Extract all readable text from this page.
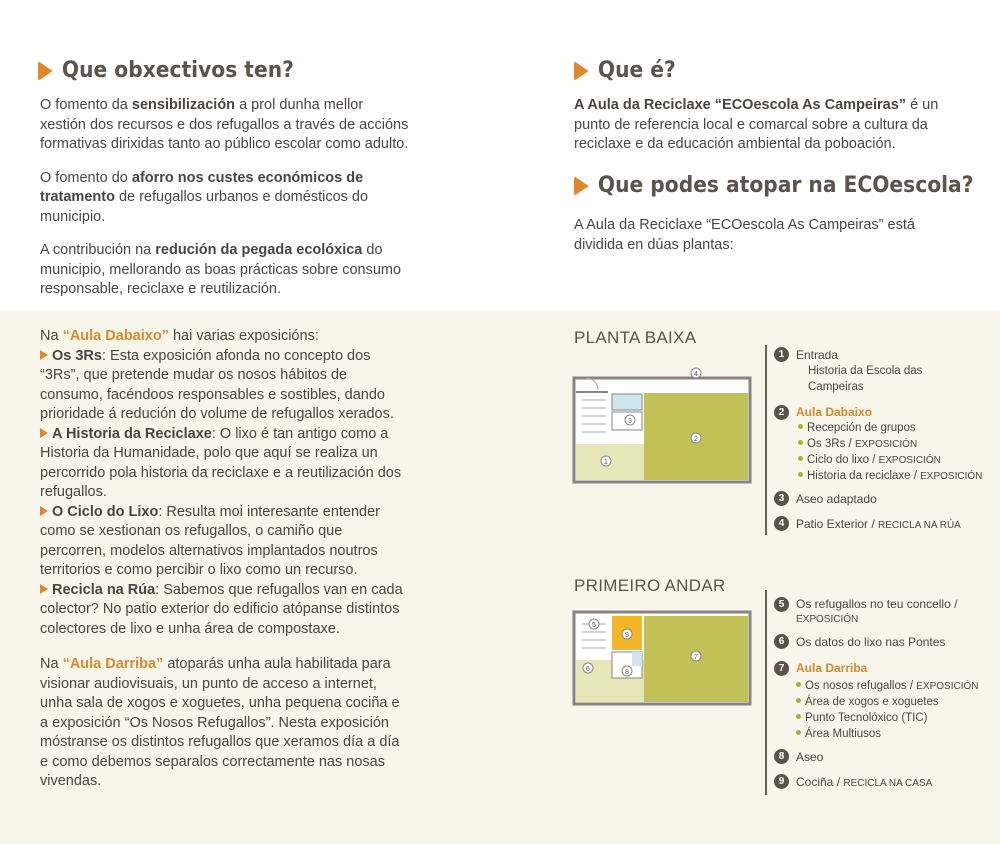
Que obxectivos ten?

O fomento da sensibilización a prol dunha mellor xestión dos recursos e dos refugallos a través de accións formativas dirixidas tanto ao público escolar como adulto.

O fomento do aforro nos custes económicos de tratamento de refugallos urbanos e domésticos do municipio.

A contribución na redución da pegada ecolóxica do municipio, mellorando as boas prácticas sobre consumo responsable, reciclaxe e reutilización.

Que é?

A Aula da Reciclaxe “ECOescola As Campeiras” é un punto de referencia local e comarcal sobre a cultura da reciclaxe e da educación ambiental da poboación.

Que podes atopar na ECOescola?

A Aula da Reciclaxe “ECOescola As Campeiras” está dividida en dúas plantas:

Na “Aula Dabaixo” hai varias exposicións:
Os 3Rs: Esta exposición afonda no concepto dos “3Rs”, que pretende mudar os nosos hábitos de consumo, facéndoos responsables e sostibles, dando prioridade á redución do volume de refugallos xerados.
A Historia da Reciclaxe: O lixo é tan antigo como a Historia da Humanidade, polo que aquí se realiza un percorrido pola historia da reciclaxe e a reutilización dos refugallos.
O Ciclo do Lixo: Resulta moi interesante entender como se xestionan os refugallos, o camiño que percorren, modelos alternativos implantados noutros territorios e como percibir o lixo como un recurso.
Recicla na Rúa: Sabemos que refugallos van en cada colector? No patio exterior do edificio atópanse distintos colectores de lixo e unha área de compostaxe.
Na “Aula Darriba” atoparás unha aula habilitada para visionar audiovisuais, un punto de acceso a internet, unha sala de xogos e xoguetes, unha pequena cociña e a exposición “Os Nosos Refugallos”. Nesta exposición móstranse os distintos refugallos que xeramos día a día e como debemos separalos correctamente nas nosas vivendas.
PLANTA BAIXA
1
2
3
4
1 Entrada
Historia da Escola das
Campeiras
2 Aula Dabaixo
Recepción de grupos
Os 3Rs / EXPOSICIÓN
Ciclo do lixo / EXPOSICIÓN
Historia da reciclaxe / EXPOSICIÓN
3 Aseo adaptado
4 Patio Exterior / RECICLA NA RÚA
PRIMEIRO ANDAR
5
6
7
8
9
5 Os refugallos no teu concello /
EXPOSICIÓN
6 Os datos do lixo nas Pontes
7 Aula Darriba
Os nosos refugallos / EXPOSICIÓN
Área de xogos e xoguetes
Punto Tecnolóxico (TIC)
Área Multiusos
8 Aseo
9 Cociña / RECICLA NA CASA
